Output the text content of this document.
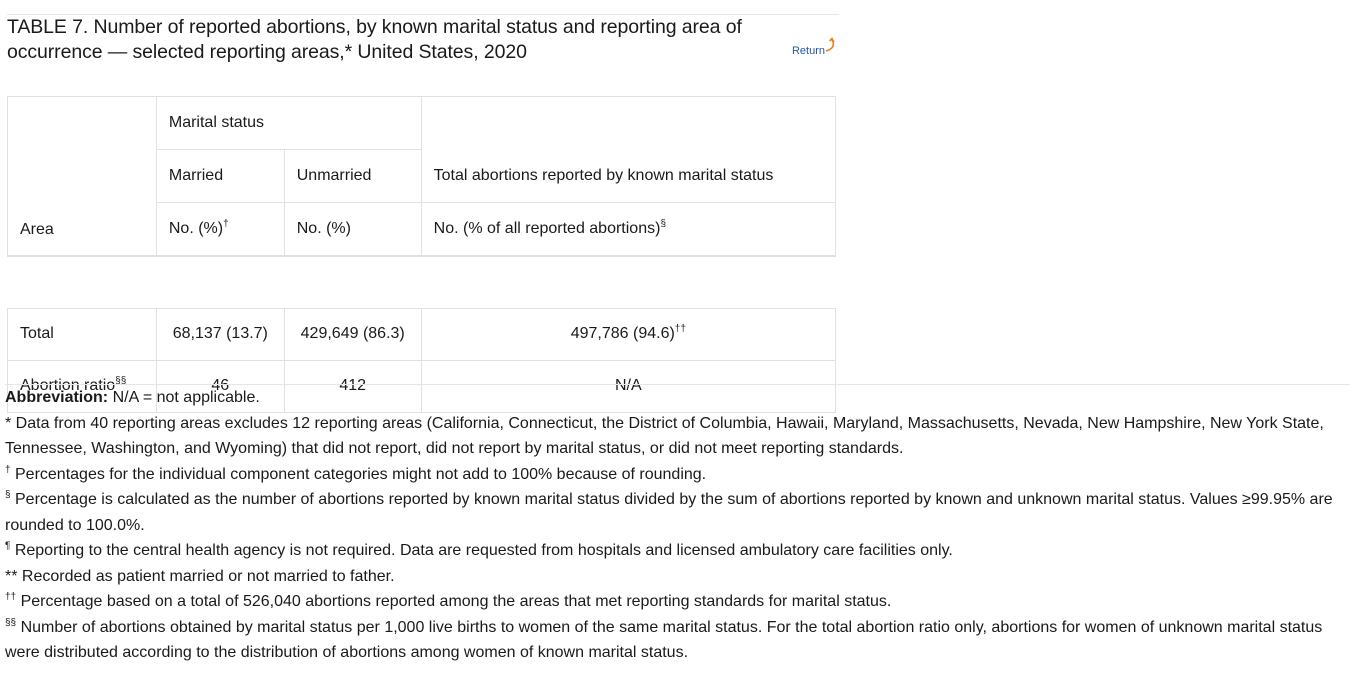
TABLE 7. Number of reported abortions, by known marital status and reporting area of occurrence — selected reporting areas,* United States, 2020	Return
Area	Marital status		
	Married	Unmarried	Total abortions reported by known marital status
	No. (%)†	No. (%)	No. (% of all reported abortions)§

Total	68,137 (13.7)	429,649 (86.3)	497,786 (94.6)††
Abortion ratio§§	46	412	N/A

Abbreviation: N/A = not applicable.

* Data from 40 reporting areas excludes 12 reporting areas (California, Connecticut, the District of Columbia, Hawaii, Maryland, Massachusetts, Nevada, New Hampshire, New York State, Tennessee, Washington, and Wyoming) that did not report, did not report by marital status, or did not meet reporting standards.

† Percentages for the individual component categories might not add to 100% because of rounding.

§ Percentage is calculated as the number of abortions reported by known marital status divided by the sum of abortions reported by known and unknown marital status. Values ≥99.95% are rounded to 100.0%.

¶ Reporting to the central health agency is not required. Data are requested from hospitals and licensed ambulatory care facilities only.

** Recorded as patient married or not married to father.

†† Percentage based on a total of 526,040 abortions reported among the areas that met reporting standards for marital status.

§§ Number of abortions obtained by marital status per 1,000 live births to women of the same marital status. For the total abortion ratio only, abortions for women of unknown marital status were distributed according to the distribution of abortions among women of known marital status.
